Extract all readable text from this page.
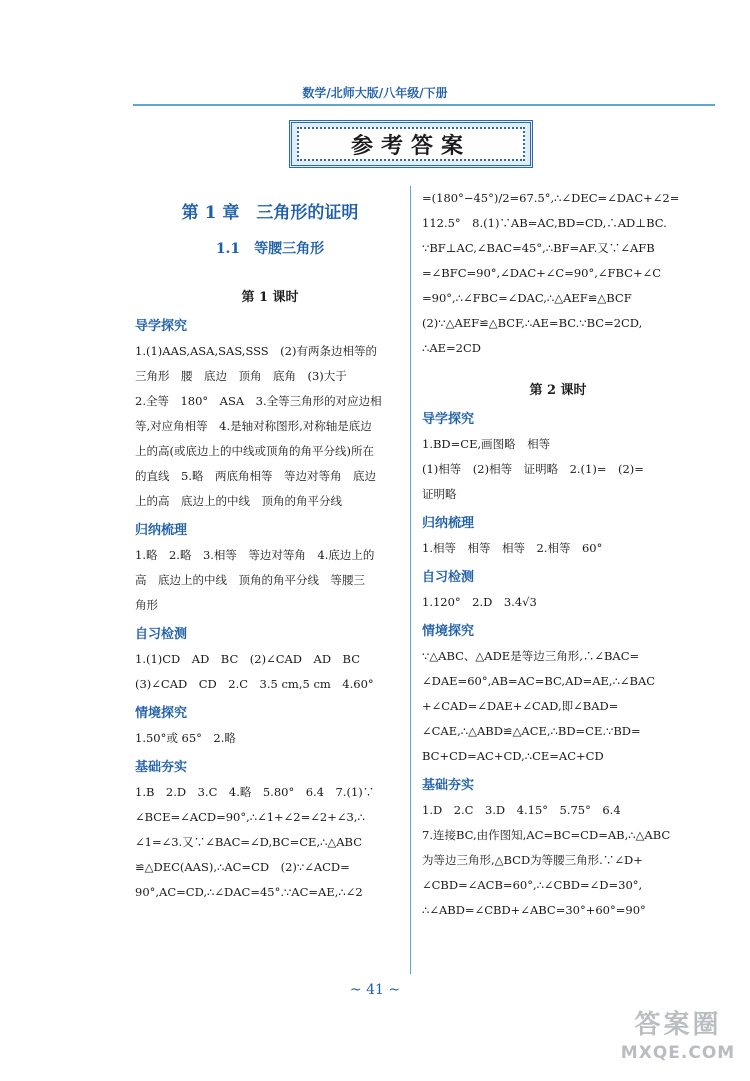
数学/北师大版/八年级/下册
参考答案
第 1 章　三角形的证明
1.1　等腰三角形
第 1 课时
导学探究
1.(1)AAS,ASA,SAS,SSS　(2)有两条边相等的
三角形　腰　底边　顶角　底角　(3)大于
2.全等　180°　ASA　3.全等三角形的对应边相
等,对应角相等　4.是轴对称图形,对称轴是底边
上的高(或底边上的中线或顶角的角平分线)所在
的直线　5.略　两底角相等　等边对等角　底边
上的高　底边上的中线　顶角的角平分线
归纳梳理
1.略　2.略　3.相等　等边对等角　4.底边上的
高　底边上的中线　顶角的角平分线　等腰三
角形
自习检测
1.(1)CD　AD　BC　(2)∠CAD　AD　BC
(3)∠CAD　CD　2.C　3.5 cm,5 cm　4.60°
情境探究
1.50°或 65°　2.略
基础夯实
1.B　2.D　3.C　4.略　5.80°　6.4　7.(1)∵
∠BCE=∠ACD=90°,∴∠1+∠2=∠2+∠3,∴
∠1=∠3.又∵∠BAC=∠D,BC=CE,∴△ABC
≌△DEC(AAS),∴AC=CD　(2)∵∠ACD=
90°,AC=CD,∴∠DAC=45°.∵AC=AE,∴∠2
=(180°−45°)/2=67.5°,∴∠DEC=∠DAC+∠2=
112.5°　8.(1)∵AB=AC,BD=CD,∴AD⊥BC.
∵BF⊥AC,∠BAC=45°,∴BF=AF.又∵∠AFB
=∠BFC=90°,∠DAC+∠C=90°,∠FBC+∠C
=90°,∴∠FBC=∠DAC,∴△AEF≌△BCF
(2)∵△AEF≌△BCF,∴AE=BC.∵BC=2CD,
∴AE=2CD
第 2 课时
导学探究
1.BD=CE,画图略　相等
(1)相等　(2)相等　证明略　2.(1)=　(2)=
证明略
归纳梳理
1.相等　相等　相等　2.相等　60°
自习检测
1.120°　2.D　3.4√3
情境探究
∵△ABC、△ADE是等边三角形,∴∠BAC=
∠DAE=60°,AB=AC=BC,AD=AE,∴∠BAC
+∠CAD=∠DAE+∠CAD,即∠BAD=
∠CAE,∴△ABD≌△ACE,∴BD=CE.∵BD=
BC+CD=AC+CD,∴CE=AC+CD
基础夯实
1.D　2.C　3.D　4.15°　5.75°　6.4
7.连接BC,由作图知,AC=BC=CD=AB,∴△ABC
为等边三角形,△BCD为等腰三角形.∵∠D+
∠CBD=∠ACB=60°,∴∠CBD=∠D=30°,
∴∠ABD=∠CBD+∠ABC=30°+60°=90°
~ 41 ~
答案圈
MXQE.COM
